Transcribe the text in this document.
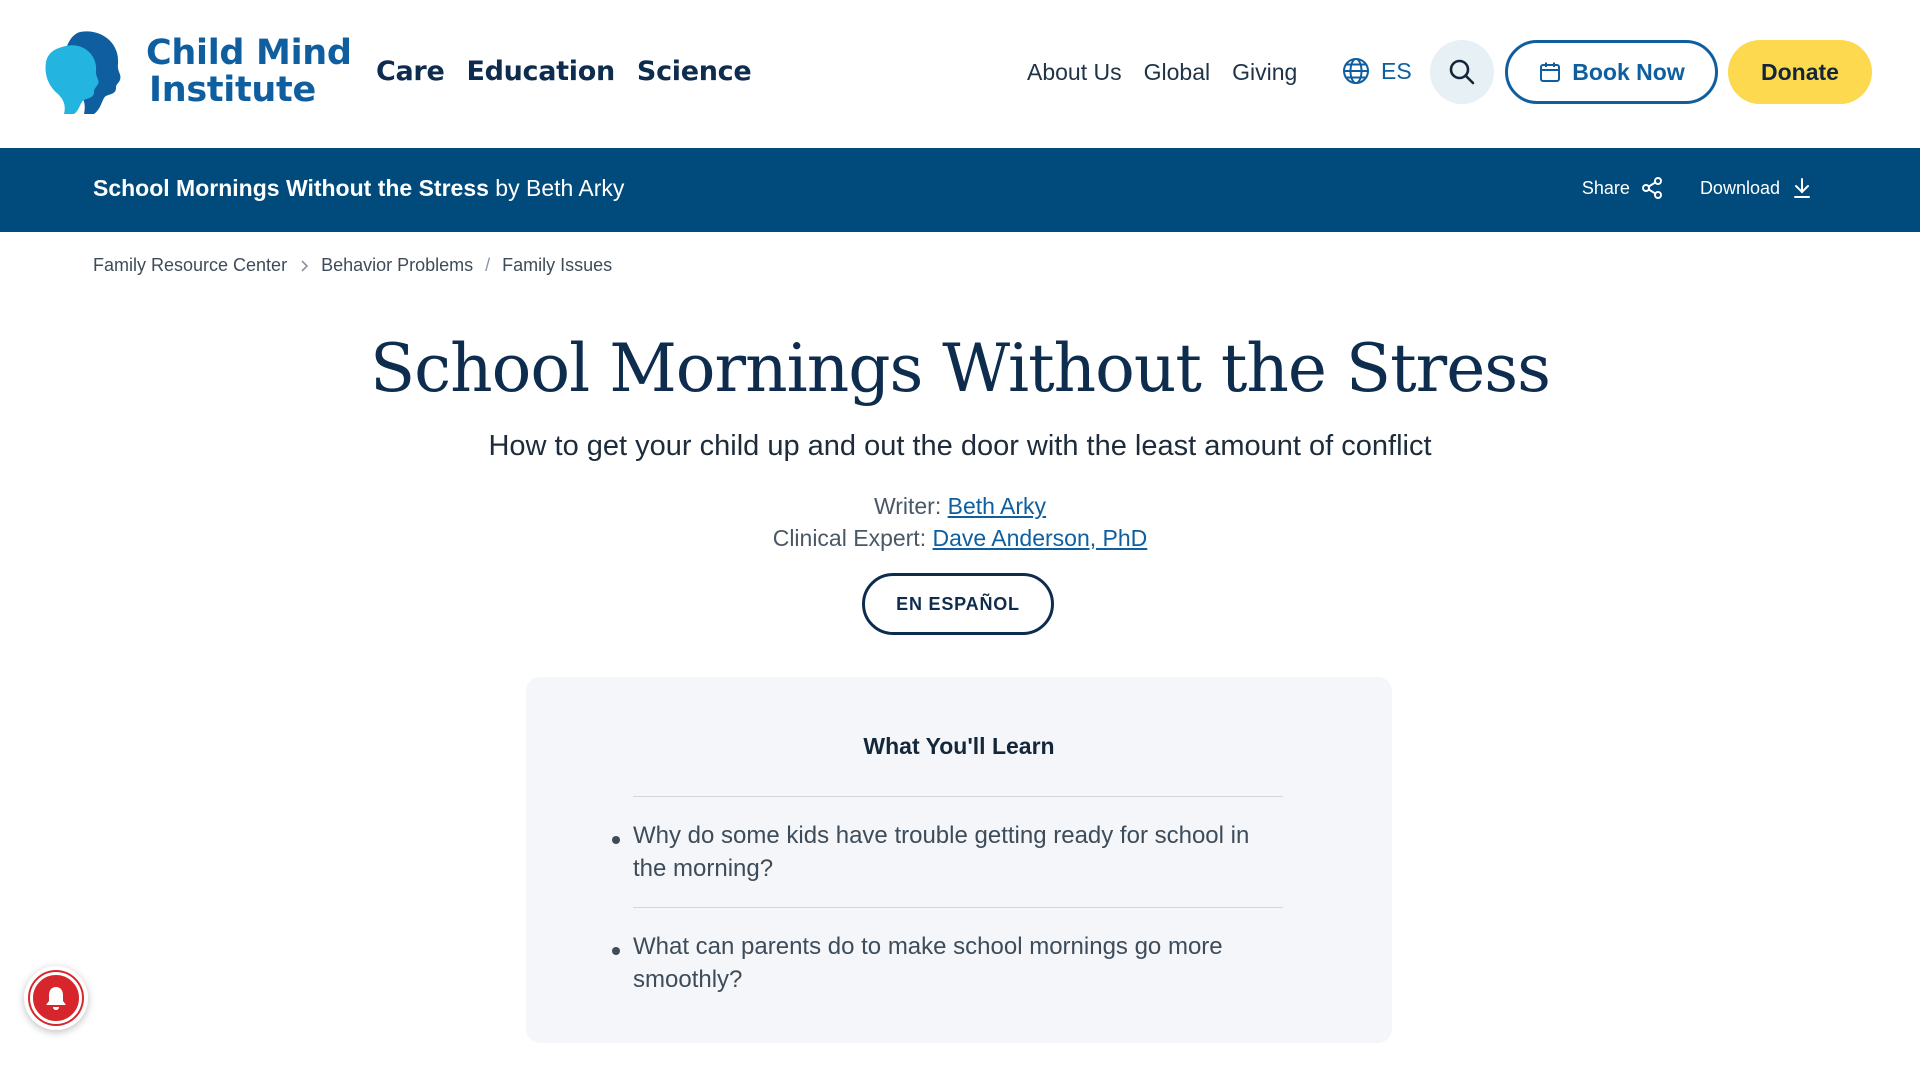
Child Mind
Institute	Care Education Science	About Us Global Giving	ES	Book Now	Donate
School Mornings Without the Stress by Beth Arky	Share	Download
Family Resource Center Behavior Problems / Family Issues
School Mornings Without the Stress

How to get your child up and out the door with the least amount of conflict

Writer: Beth Arky
Clinical Expert: Dave Anderson, PhD
EN ESPAÑOL
What You'll Learn
Why do some kids have trouble getting ready for school in the morning?
What can parents do to make school mornings go more smoothly?
